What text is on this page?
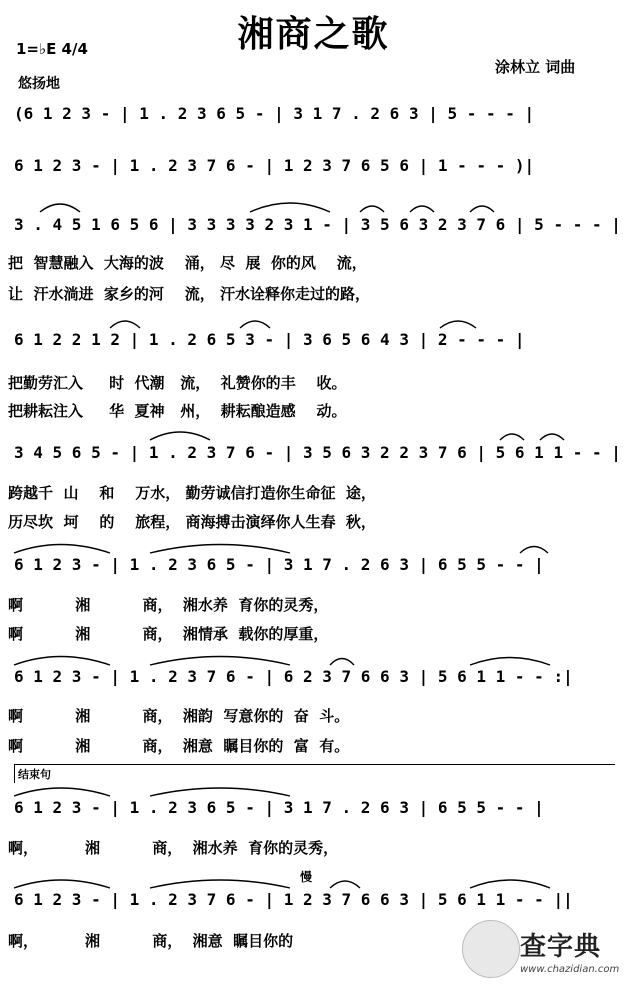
湘商之歌
1=♭E 4/4
悠扬地
涂林立 词曲
(6 1 2 3 - | 1 . 2 3 6 5 - | 3 1 7 . 2 6 3 | 5 - - - |
6 1 2 3 - | 1 . 2 3 7 6 - | 1 2 3 7 6 5 6 | 1 - - - )|
3 . 4 5 1 6 5 6 | 3 3 3 3 2 3 1 - | 3 5 6 3 2 3 7 6 | 5 - - - |
把  智慧融入  大海的波    涌， 尽  展  你的风    流，
让  汗水淌进  家乡的河    流， 汗水诠释你走过的路，
6 1 2 2 1 2 | 1 . 2 6 5 3 - | 3 6 5 6 4 3 | 2 - - - |
把勤劳汇入     时  代潮   流，  礼赞你的丰    收。
把耕耘注入     华  夏神   州，  耕耘酿造感    动。
3 4 5 6 5 - | 1 . 2 3 7 6 - | 3 5 6 3 2 2 3 7 6 | 5 6 1 1 - - |
跨越千  山    和    万水， 勤劳诚信打造你生命征  途，
历尽坎  坷    的    旅程， 商海搏击演绎你人生春  秋，
6 1 2 3 - | 1 . 2 3 6 5 - | 3 1 7 . 2 6 3 | 6 5 5 - - |
啊          湘          商，  湘水养  育你的灵秀，
啊          湘          商，  湘情承  载你的厚重，
6 1 2 3 - | 1 . 2 3 7 6 - | 6 2 3 7 6 6 3 | 5 6 1 1 - - :|
啊          湘          商，  湘韵  写意你的  奋  斗。
啊          湘          商，  湘意  瞩目你的  富  有。
结束句
6 1 2 3 - | 1 . 2 3 6 5 - | 3 1 7 . 2 6 3 | 6 5 5 - - |
啊，         湘          商，  湘水养  育你的灵秀，
慢
6 1 2 3 - | 1 . 2 3 7 6 - | 1 2 3 7 6 6 3 | 5 6 1 1 - - ||
啊，         湘          商，  湘意  瞩目你的	查字典
www.chazidian.com
